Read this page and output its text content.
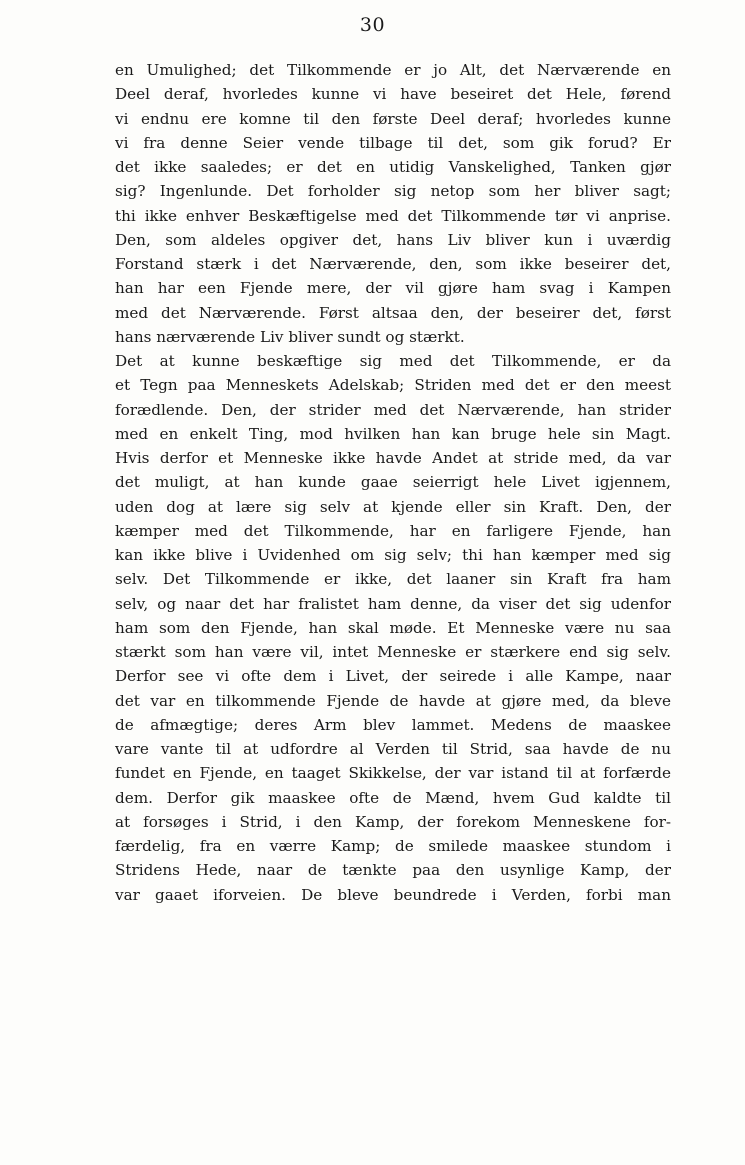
30
en Umulighed; det Tilkommende er jo Alt, det Nærværende en
Deel deraf, hvorledes kunne vi have beseiret det Hele, førend
vi endnu ere komne til den første Deel deraf; hvorledes kunne
vi fra denne Seier vende tilbage til det, som gik forud? Er
det ikke saaledes; er det en utidig Vanskelighed, Tanken gjør
sig? Ingenlunde. Det forholder sig netop som her bliver sagt;
thi ikke enhver Beskæftigelse med det Tilkommende tør vi anprise.
Den, som aldeles opgiver det, hans Liv bliver kun i uværdig
Forstand stærk i det Nærværende, den, som ikke beseirer det,
han har een Fjende mere, der vil gjøre ham svag i Kampen
med det Nærværende. Først altsaa den, der beseirer det, først
hans nærværende Liv bliver sundt og stærkt.
Det at kunne beskæftige sig med det Tilkommende, er da
et Tegn paa Menneskets Adelskab; Striden med det er den meest
forædlende. Den, der strider med det Nærværende, han strider
med en enkelt Ting, mod hvilken han kan bruge hele sin Magt.
Hvis derfor et Menneske ikke havde Andet at stride med, da var
det muligt, at han kunde gaae seierrigt hele Livet igjennem,
uden dog at lære sig selv at kjende eller sin Kraft. Den, der
kæmper med det Tilkommende, har en farligere Fjende, han
kan ikke blive i Uvidenhed om sig selv; thi han kæmper med sig
selv. Det Tilkommende er ikke, det laaner sin Kraft fra ham
selv, og naar det har fralistet ham denne, da viser det sig udenfor
ham som den Fjende, han skal møde. Et Menneske være nu saa
stærkt som han være vil, intet Menneske er stærkere end sig selv.
Derfor see vi ofte dem i Livet, der seirede i alle Kampe, naar
det var en tilkommende Fjende de havde at gjøre med, da bleve
de afmægtige; deres Arm blev lammet. Medens de maaskee
vare vante til at udfordre al Verden til Strid, saa havde de nu
fundet en Fjende, en taaget Skikkelse, der var istand til at forfærde
dem. Derfor gik maaskee ofte de Mænd, hvem Gud kaldte til
at forsøges i Strid, i den Kamp, der forekom Menneskene for-
færdelig, fra en værre Kamp; de smilede maaskee stundom i
Stridens Hede, naar de tænkte paa den usynlige Kamp, der
var gaaet iforveien. De bleve beundrede i Verden, forbi man
